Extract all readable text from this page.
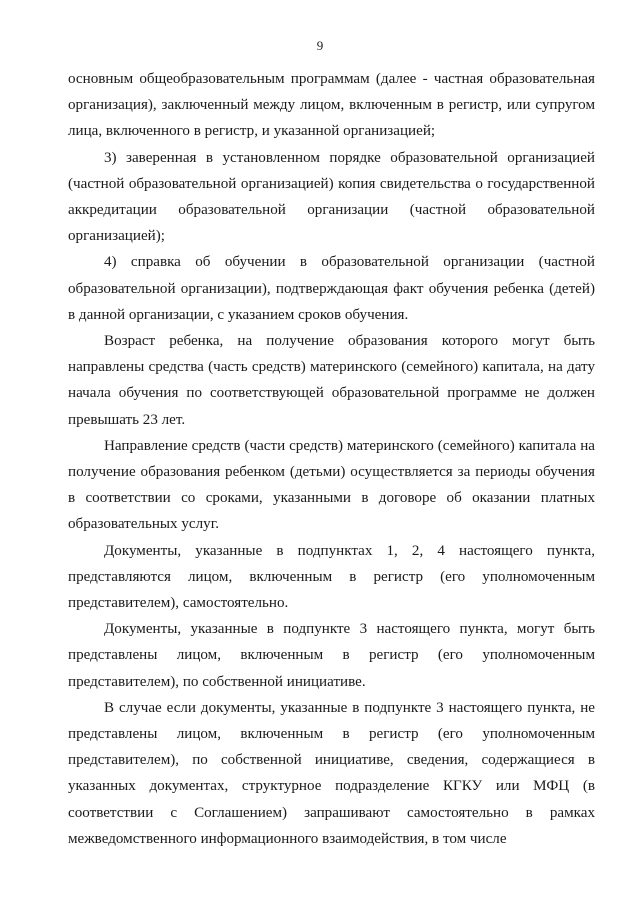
9

основным общеобразовательным программам (далее - частная образовательная организация), заключенный между лицом, включенным в регистр, или супругом лица, включенного в регистр, и указанной организацией;

3) заверенная в установленном порядке образовательной организацией (частной образовательной организацией) копия свидетельства о государственной аккредитации образовательной организации (частной образовательной организацией);

4) справка об обучении в образовательной организации (частной образовательной организации), подтверждающая факт обучения ребенка (детей) в данной организации, с указанием сроков обучения.

Возраст ребенка, на получение образования которого могут быть направлены средства (часть средств) материнского (семейного) капитала, на дату начала обучения по соответствующей образовательной программе не должен превышать 23 лет.

Направление средств (части средств) материнского (семейного) капитала на получение образования ребенком (детьми) осуществляется за периоды обучения в соответствии со сроками, указанными в договоре об оказании платных образовательных услуг.

Документы, указанные в подпунктах 1, 2, 4 настоящего пункта, представляются лицом, включенным в регистр (его уполномоченным представителем), самостоятельно.

Документы, указанные в подпункте 3 настоящего пункта, могут быть представлены лицом, включенным в регистр (его уполномоченным представителем), по собственной инициативе.

В случае если документы, указанные в подпункте 3 настоящего пункта, не представлены лицом, включенным в регистр (его уполномоченным представителем), по собственной инициативе, сведения, содержащиеся в указанных документах, структурное подразделение КГКУ или МФЦ (в соответствии с Соглашением) запрашивают самостоятельно в рамках межведомственного информационного взаимодействия, в том числе
